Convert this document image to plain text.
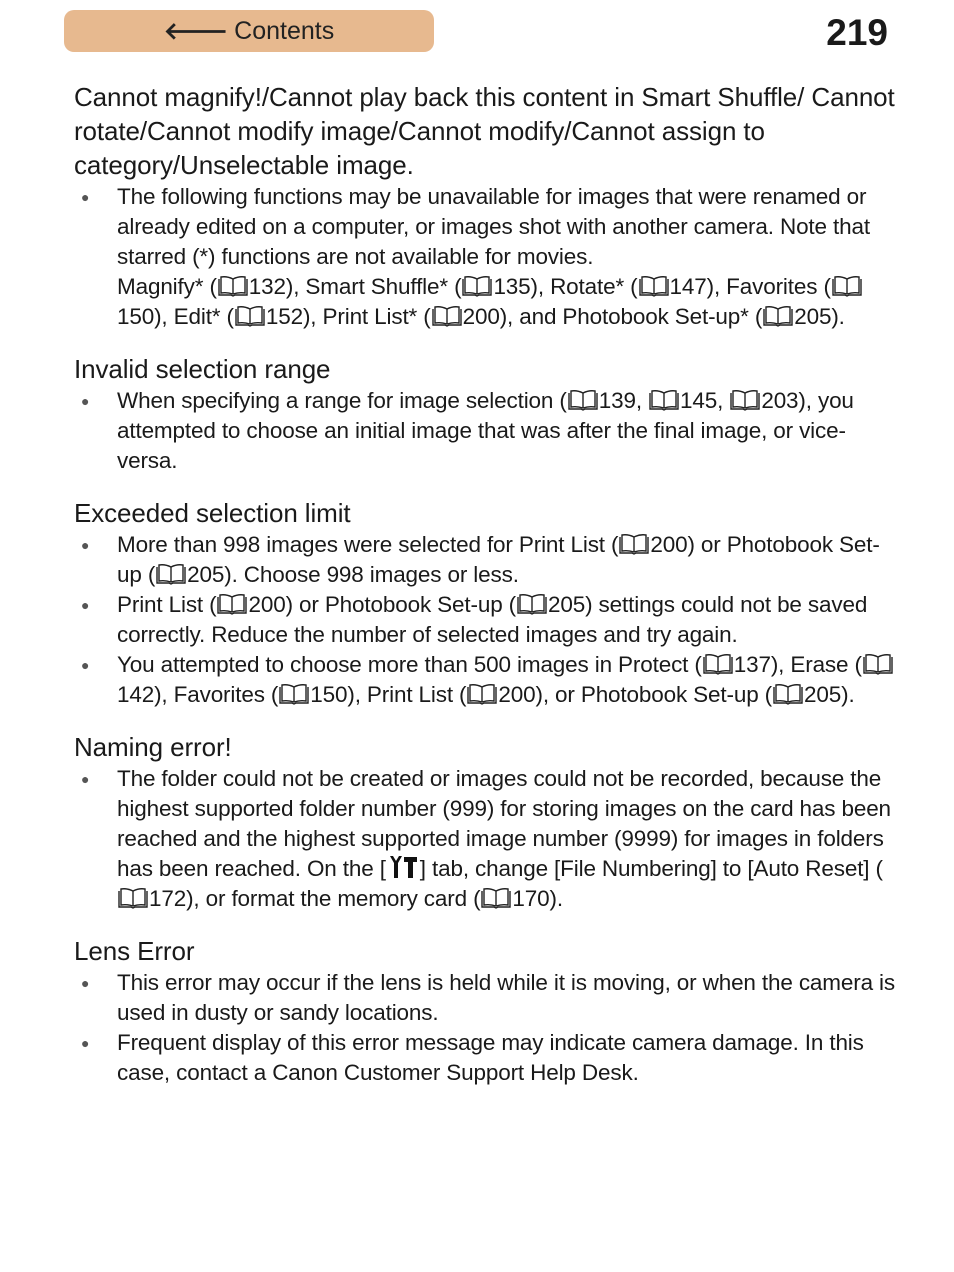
🡐 Contents	219
Cannot magnify!/Cannot play back this content in Smart Shuffle/ Cannot rotate/Cannot modify image/Cannot modify/Cannot assign to category/Unselectable image.
● The following functions may be unavailable for images that were renamed or already edited on a computer, or images shot with another camera. Note that starred (*) functions are not available for movies.
Magnify* ( 132), Smart Shuffle* ( 135), Rotate* ( 147), Favorites (150), Edit* ( 152), Print List* ( 200), and Photobook Set-up* ( 205).
Invalid selection range
● When specifying a range for image selection ( 139, 145, 203), you attempted to choose an initial image that was after the final image, or vice-versa.
Exceeded selection limit
● More than 998 images were selected for Print List ( 200) or Photobook Set-up ( 205). Choose 998 images or less.
● Print List ( 200) or Photobook Set-up ( 205) settings could not be saved correctly. Reduce the number of selected images and try again.
● You attempted to choose more than 500 images in Protect ( 137), Erase (142), Favorites ( 150), Print List ( 200), or Photobook Set-up ( 205).
Naming error!
● The folder could not be created or images could not be recorded, because the highest supported folder number (999) for storing images on the card has been reached and the highest supported image number (9999) for images in folders has been reached. On the [ ] tab, change [File Numbering] to [Auto Reset] (172), or format the memory card ( 170).
Lens Error
● This error may occur if the lens is held while it is moving, or when the camera is used in dusty or sandy locations.
● Frequent display of this error message may indicate camera damage. In this case, contact a Canon Customer Support Help Desk.
